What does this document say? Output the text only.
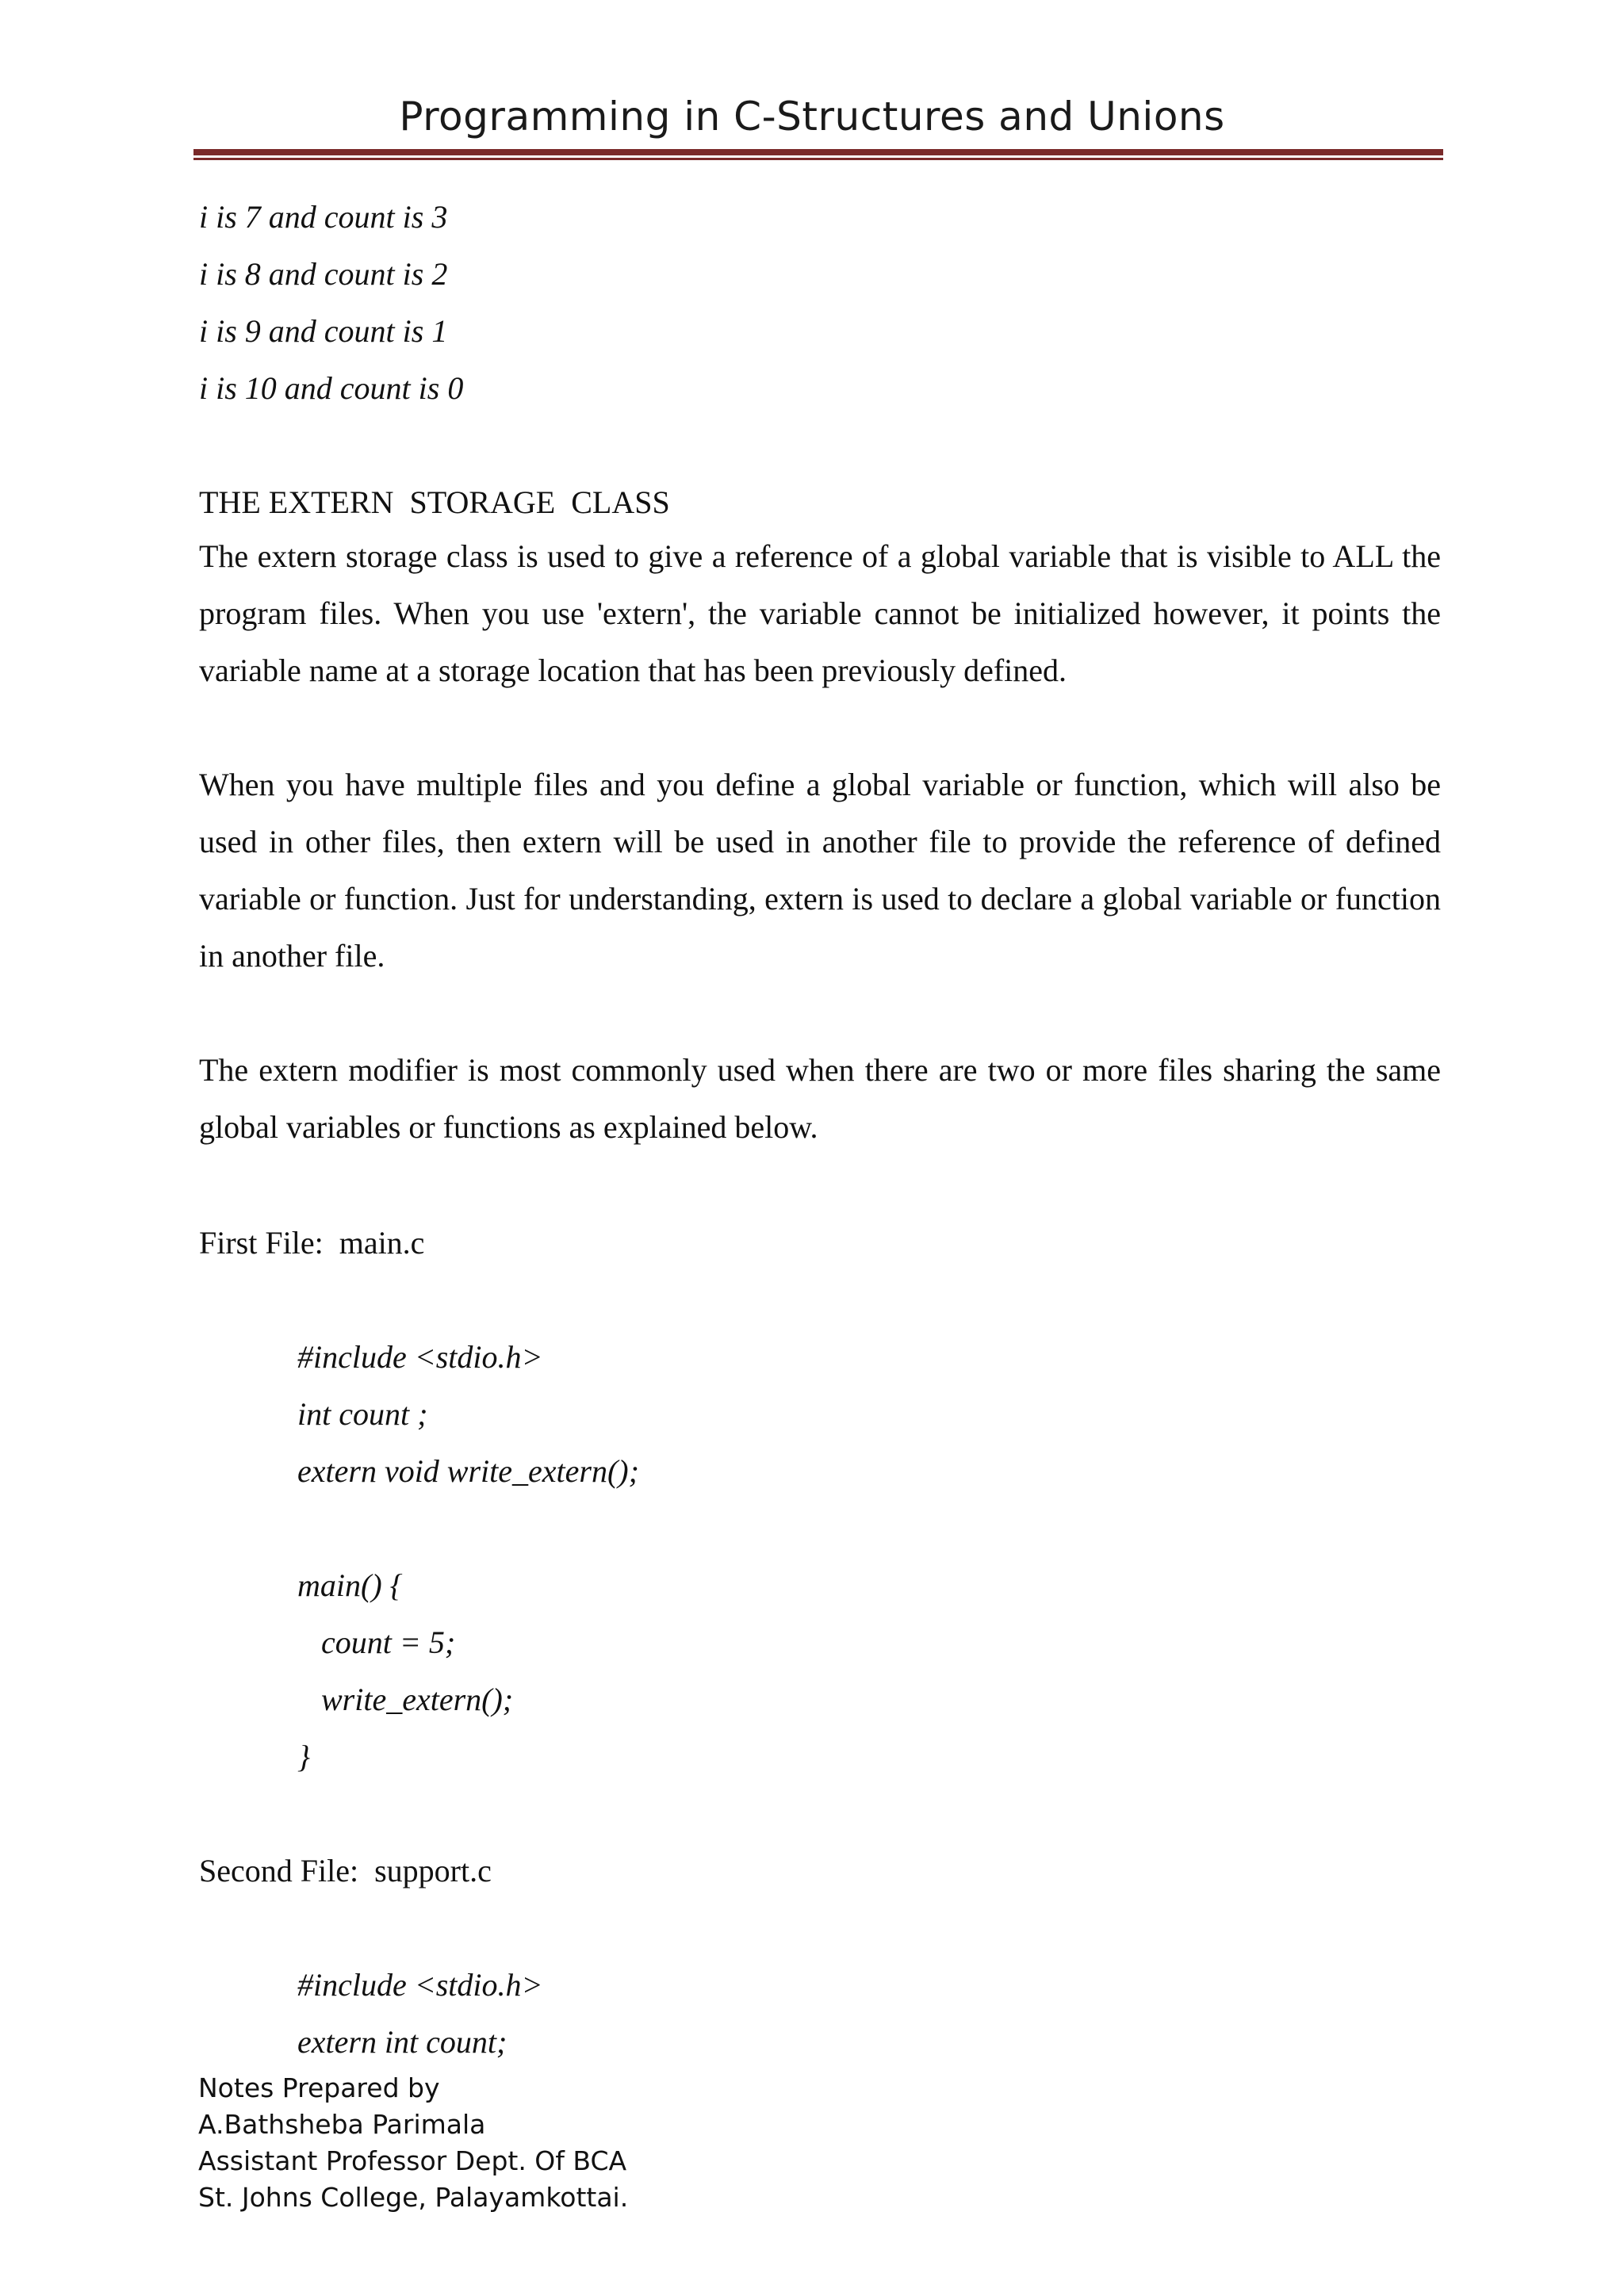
Programming in C-Structures and Unions

i is 7 and count is 3

i is 8 and count is 2

i is 9 and count is 1

i is 10 and count is 0

THE EXTERN  STORAGE  CLASS

The extern storage class is used to give a reference of a global variable that is visible to ALL the program files. When you use 'extern', the variable cannot be initialized however, it points the variable name at a storage location that has been previously defined.

When you have multiple files and you define a global variable or function, which will also be used in other files, then extern will be used in another file to provide the reference of defined variable or function. Just for understanding, extern is used to declare a global variable or function in another file.

The extern modifier is most commonly used when there are two or more files sharing the same global variables or functions as explained below.

First File:  main.c

#include <stdio.h>

int count ;

extern void write_extern();

main() {

count = 5;

write_extern();

}

Second File:  support.c

#include <stdio.h>

extern int count;

Notes Prepared by

A.Bathsheba Parimala

Assistant Professor Dept. Of BCA

St. Johns College, Palayamkottai.
